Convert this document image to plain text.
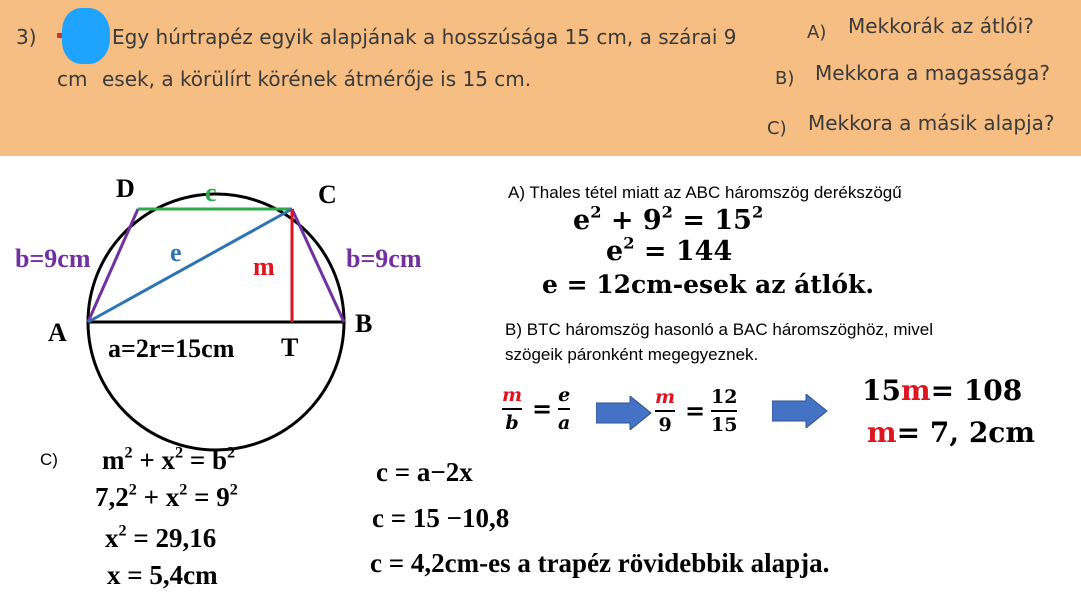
3)	Egy húrtrapéz egyik alapjának a hosszúsága 15 cm, a szárai 9
cm esek, a körülírt körének átmérője is 15 cm.
A) Mekkorák az átlói?
B) Mekkora a magassága?
C) Mekkora a másik alapja?
D	C
A	B
T
c
e	m
b=9cm	b=9cm
a=2r=15cm
A) Thales tétel miatt az ABC háromszög derékszögű
$e^2 + 9^2 = 15^2$
$e^2 = 144$
e = 12cm-esek az átlók.
B) BTC háromszög hasonló a BAC háromszöghöz, mivel
szögeik páronként megegyeznek.
m
b = e
a
m
9 = 12
15
15m= 108
m= 7, 2cm
C) $m^2 + x^2 = b^2$
$7,2^2 + x^2 = 9^2$
$x^2 = 29,16$
x = 5,4cm
c = a−2x
c = 15 −10,8
c = 4,2cm-es a trapéz rövidebbik alapja.
